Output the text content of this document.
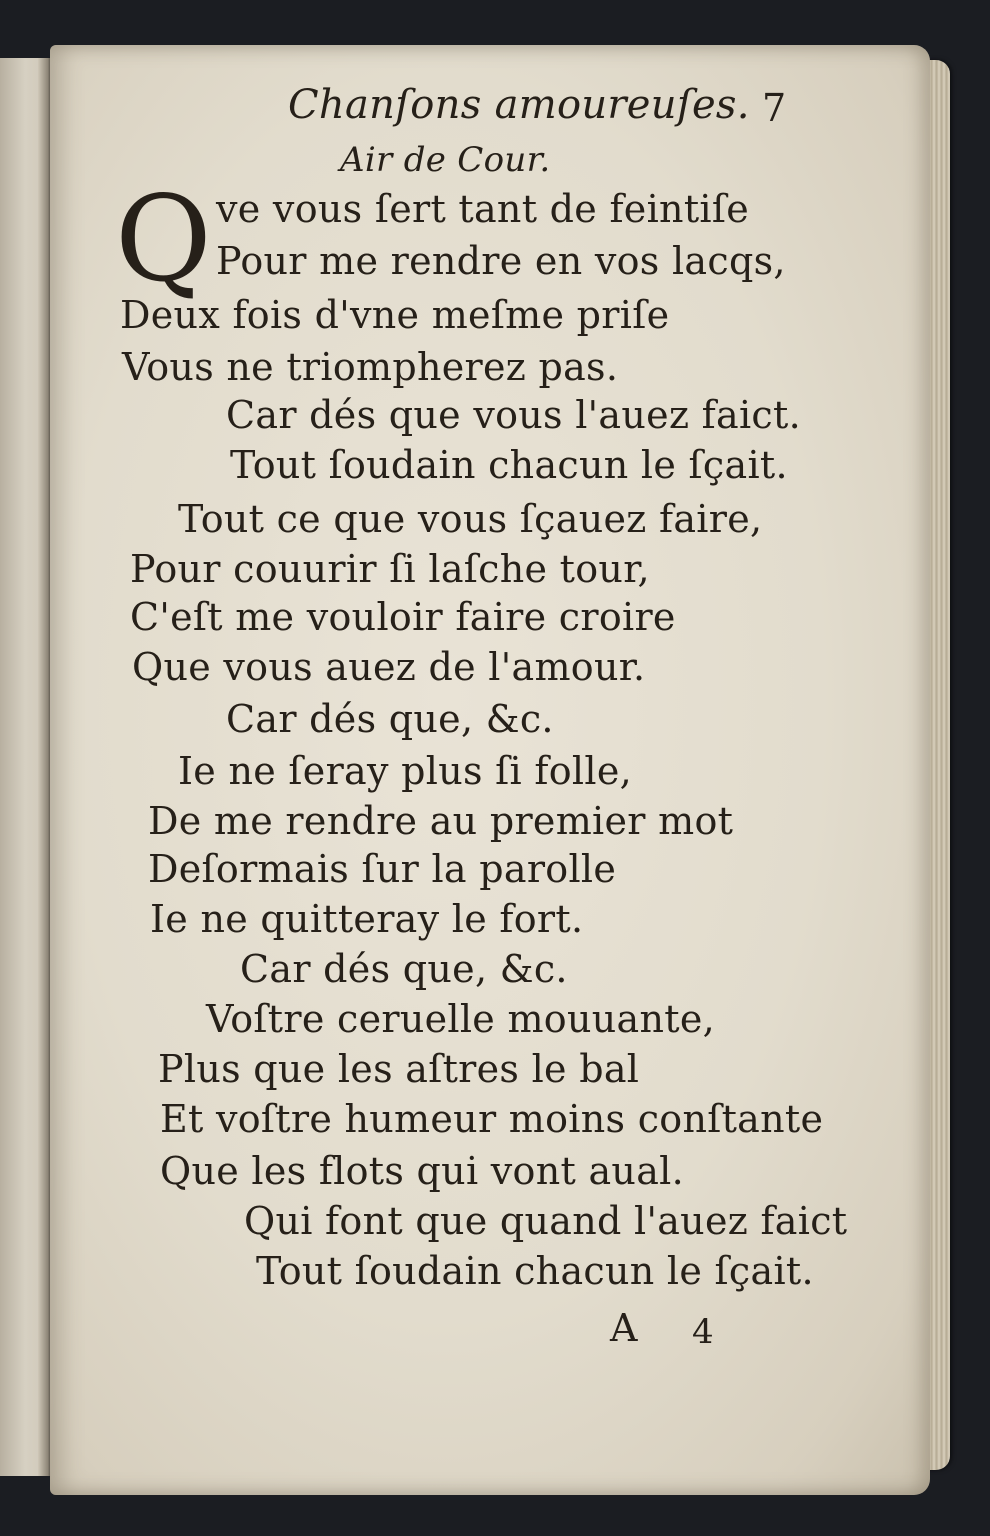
Chanſons amoureuſes. 7
Air de Cour.
Q ve vous ſert tant de feintiſe
Pour me rendre en vos lacqs,
Deux fois d'vne meſme priſe
Vous ne triompherez pas.
Car dés que vous l'auez faict.
Tout ſoudain chacun le ſçait.
Tout ce que vous ſçauez faire,
Pour couurir ſi laſche tour,
C'eſt me vouloir faire croire
Que vous auez de l'amour.
Car dés que, &c.
Ie ne ſeray plus ſi folle,
De me rendre au premier mot
Deſormais ſur la parolle
Ie ne quitteray le fort.
Car dés que, &c.
Voſtre ceruelle mouuante,
Plus que les aſtres le bal
Et voſtre humeur moins conſtante
Que les flots qui vont aual.
Qui font que quand l'auez faict
Tout ſoudain chacun le ſçait.
A 4
